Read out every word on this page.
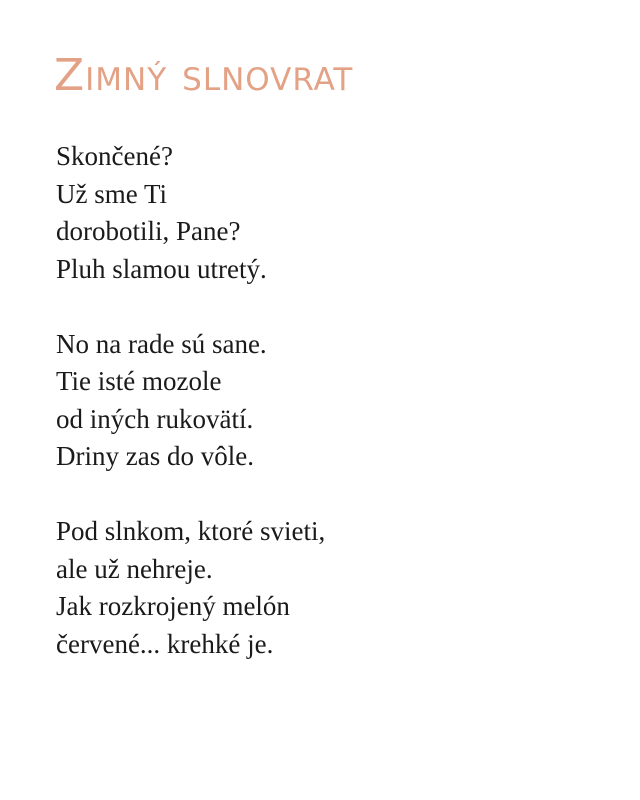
Zimný slnovrat

Skončené?
Už sme Ti
dorobotili, Pane?
Pluh slamou utretý.

No na rade sú sane.
Tie isté mozole
od iných rukovätí.
Driny zas do vôle.

Pod slnkom, ktoré svieti,
ale už nehreje.
Jak rozkrojený melón
červené... krehké je.
